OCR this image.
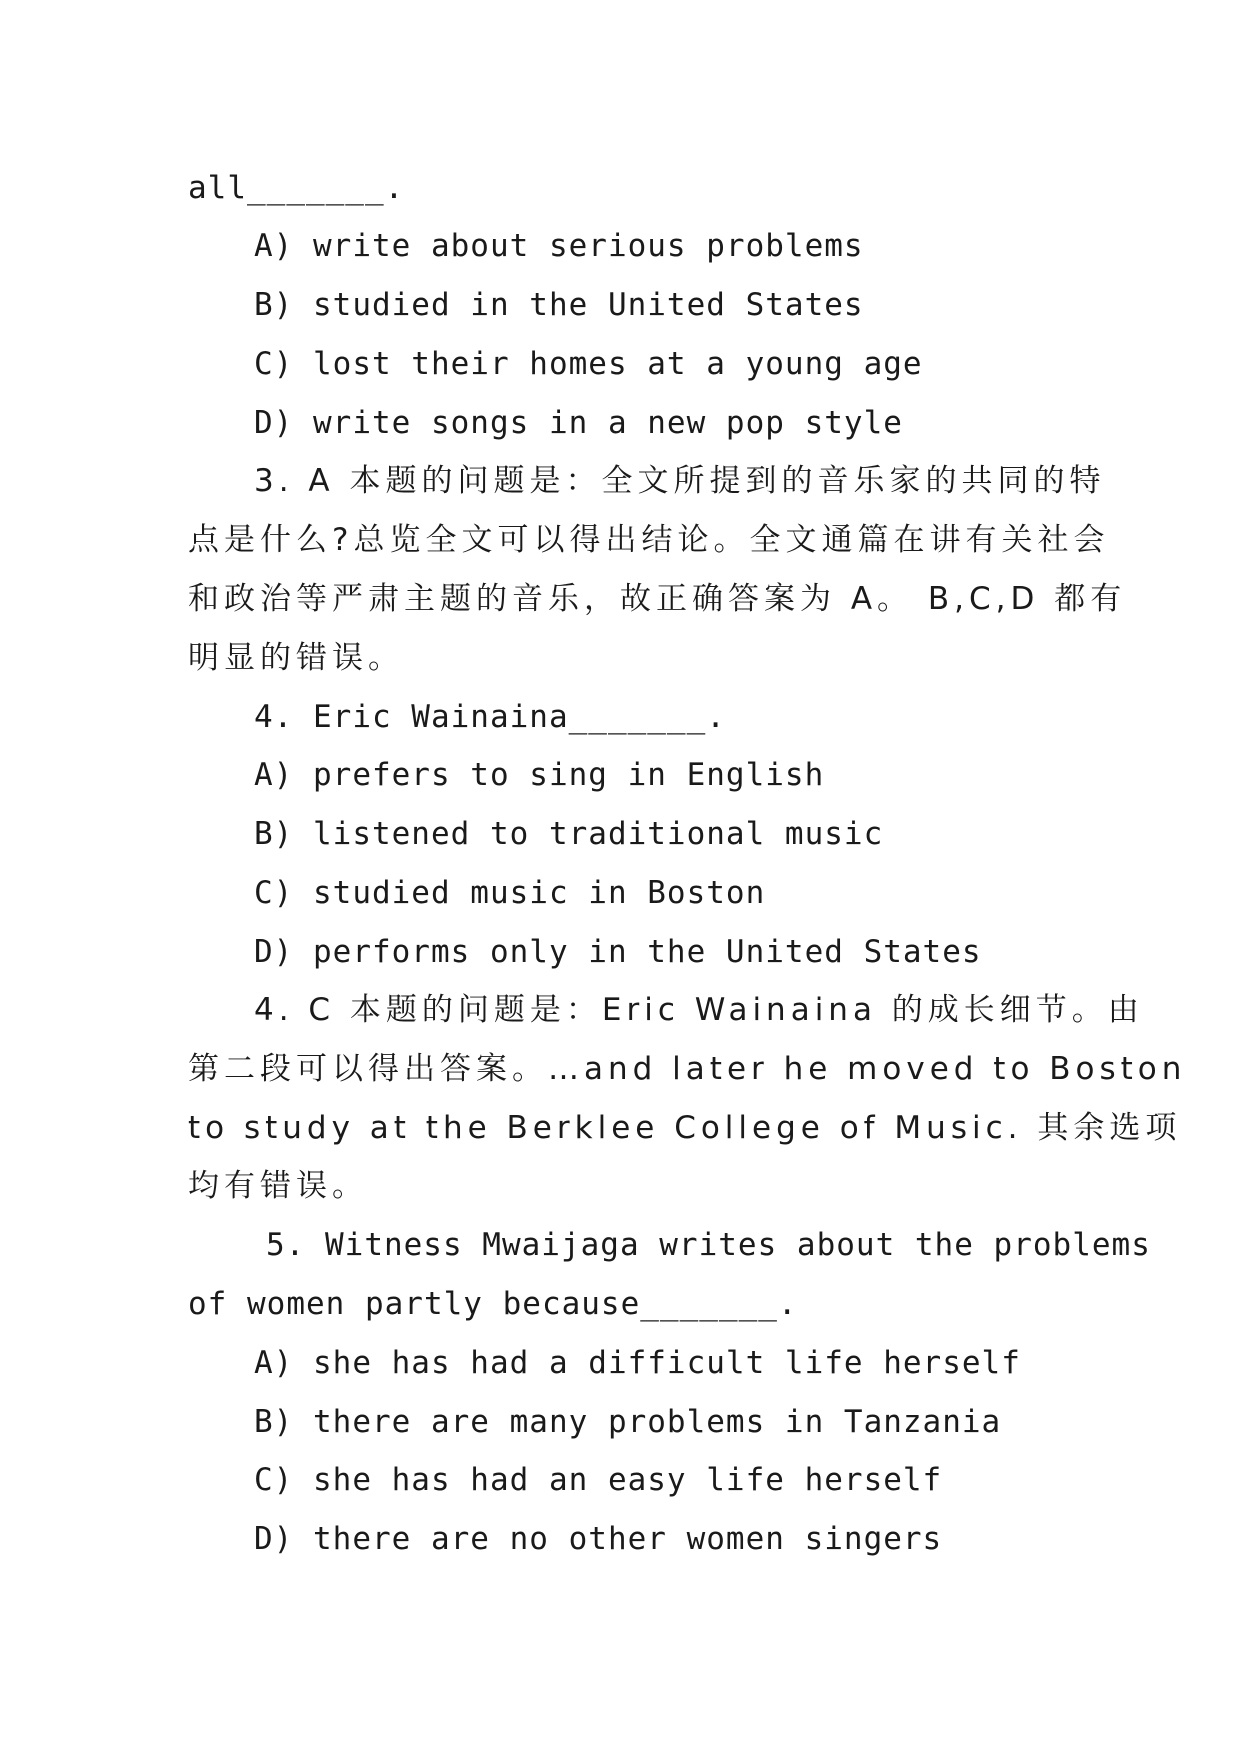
all_______.

A) write about serious problems

B) studied in the United States

C) lost their homes at a young age

D) write songs in a new pop style

3. A 本题的问题是：全文所提到的音乐家的共同的特

点是什么?总览全文可以得出结论。全文通篇在讲有关社会

和政治等严肃主题的音乐，故正确答案为 A。 B,C,D 都有

明显的错误。

4. Eric Wainaina_______.

A) prefers to sing in English

B) listened to traditional music

C) studied music in Boston

D) performs only in the United States

4. C 本题的问题是：Eric Wainaina 的成长细节。由

第二段可以得出答案。…and later he moved to Boston

to study at the Berklee College of Music. 其余选项

均有错误。

5. Witness Mwaijaga writes about the problems

of women partly because_______.

A) she has had a difficult life herself

B) there are many problems in Tanzania

C) she has had an easy life herself

D) there are no other women singers
